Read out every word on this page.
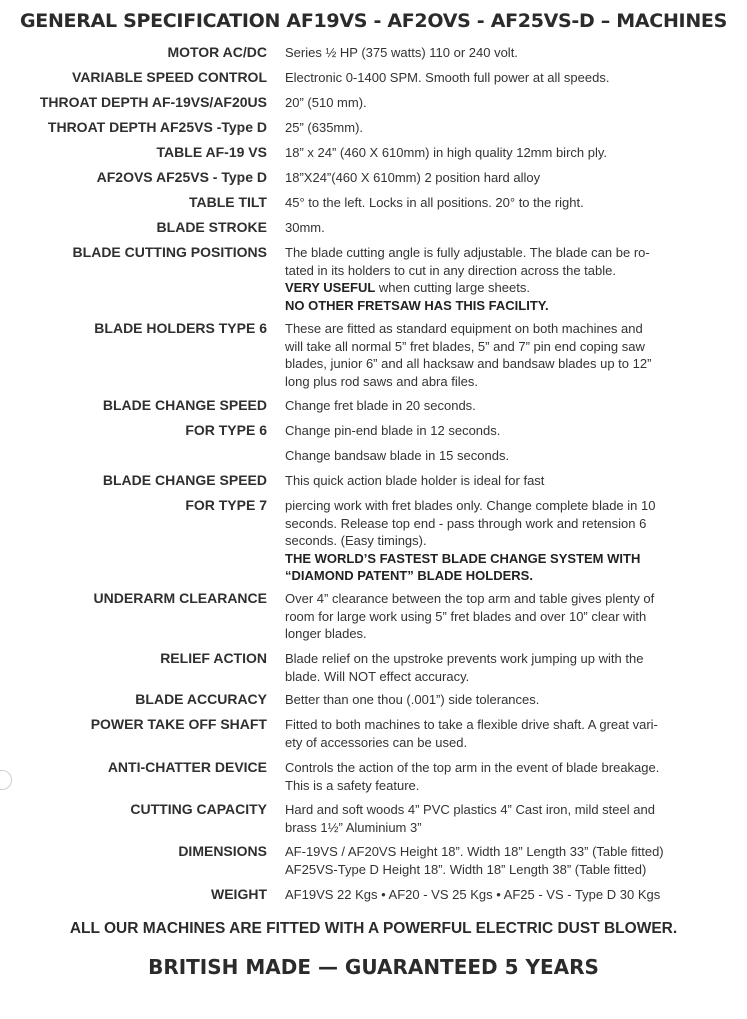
GENERAL SPECIFICATION AF19VS - AF2OVS - AF25VS-D – MACHINES
MOTOR AC/DC Series ½ HP (375 watts) 110 or 240 volt.
VARIABLE SPEED CONTROL Electronic 0-1400 SPM. Smooth full power at all speeds.
THROAT DEPTH AF-19VS/AF20US 20” (510 mm).
THROAT DEPTH AF25VS -Type D 25” (635mm).
TABLE AF-19 VS 18” x 24” (460 X 610mm) in high quality 12mm birch ply.
AF2OVS AF25VS - Type D 18”X24”(460 X 610mm) 2 position hard alloy
TABLE TILT 45° to the left. Locks in all positions. 20° to the right.
BLADE STROKE 30mm.
BLADE CUTTING POSITIONS The blade cutting angle is fully adjustable. The blade can be ro-
tated in its holders to cut in any direction across the table.
VERY USEFUL when cutting large sheets.
NO OTHER FRETSAW HAS THIS FACILITY.
BLADE HOLDERS TYPE 6 These are fitted as standard equipment on both machines and
will take all normal 5” fret blades, 5” and 7” pin end coping saw
blades, junior 6” and all hacksaw and bandsaw blades up to 12”
long plus rod saws and abra files.
BLADE CHANGE SPEED Change fret blade in 20 seconds.
FOR TYPE 6 Change pin-end blade in 12 seconds.
Change bandsaw blade in 15 seconds.
BLADE CHANGE SPEED This quick action blade holder is ideal for fast
FOR TYPE 7 piercing work with fret blades only. Change complete blade in 10
seconds. Release top end - pass through work and retension 6
seconds. (Easy timings).
THE WORLD’S FASTEST BLADE CHANGE SYSTEM WITH
“DIAMOND PATENT” BLADE HOLDERS.
UNDERARM CLEARANCE Over 4” clearance between the top arm and table gives plenty of
room for large work using 5” fret blades and over 10” clear with
longer blades.
RELIEF ACTION Blade relief on the upstroke prevents work jumping up with the
blade. Will NOT effect accuracy.
BLADE ACCURACY Better than one thou (.001”) side tolerances.
POWER TAKE OFF SHAFT Fitted to both machines to take a flexible drive shaft. A great vari-
ety of accessories can be used.
ANTI-CHATTER DEVICE Controls the action of the top arm in the event of blade breakage.
This is a safety feature.
CUTTING CAPACITY Hard and soft woods 4” PVC plastics 4” Cast iron, mild steel and
brass 1½” Aluminium 3”
DIMENSIONS AF-19VS / AF20VS Height 18”. Width 18” Length 33” (Table fitted)
AF25VS-Type D Height 18”. Width 18” Length 38” (Table fitted)
WEIGHT AF19VS 22 Kgs • AF20 - VS 25 Kgs • AF25 - VS - Type D 30 Kgs
ALL OUR MACHINES ARE FITTED WITH A POWERFUL ELECTRIC DUST BLOWER.
BRITISH MADE — GUARANTEED 5 YEARS
